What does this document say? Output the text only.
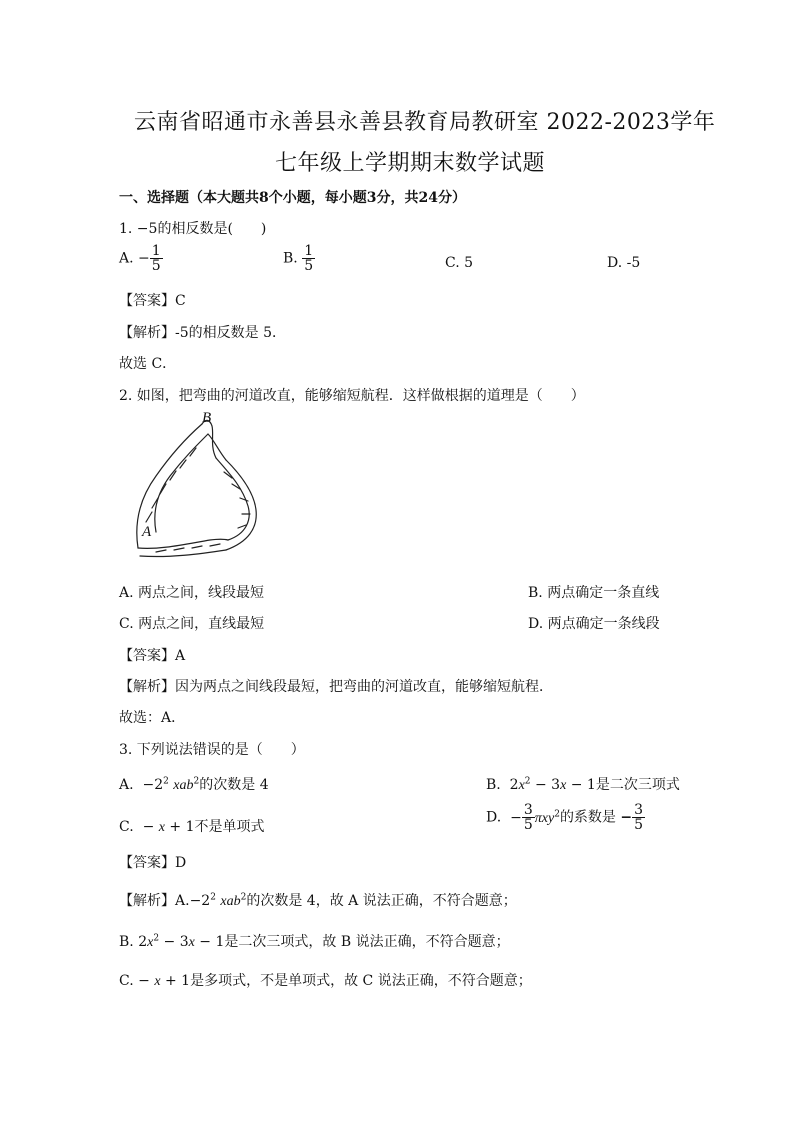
云南省昭通市永善县永善县教育局教研室 2022-2023学年
七年级上学期期末数学试题
一、选择题（本大题共8个小题，每小题3分，共24分）
1. −5的相反数是(　　)
A. − $\frac{1}{5}$	B. $\frac{1}{5}$	C. 5	D. -5
【答案】C
【解析】-5的相反数是 5．
故选 C．
2. 如图，把弯曲的河道改直，能够缩短航程．这样做根据的道理是（　　）
B
A
A. 两点之间，线段最短	B. 两点确定一条直线
C. 两点之间，直线最短	D. 两点确定一条线段
【答案】A
【解析】因为两点之间线段最短，把弯曲的河道改直，能够缩短航程．
故选：A．
3. 下列说法错误的是（　　）
A. $-2^2$ xab$^2$的次数是 4	B. $2x^2 - 3x - 1$是二次三项式
C. − x + 1不是单项式
D. − $\frac{3}{5} \pi xy^2$的系数是 − $\frac{3}{5}$
【答案】D
【解析】$A.-2^2$ xab$^2$的次数是 4，故 A 说法正确，不符合题意；
B. $2x^2 - 3x - 1$是二次三项式，故 B 说法正确，不符合题意；
C. − x + 1是多项式，不是单项式，故 C 说法正确，不符合题意；
